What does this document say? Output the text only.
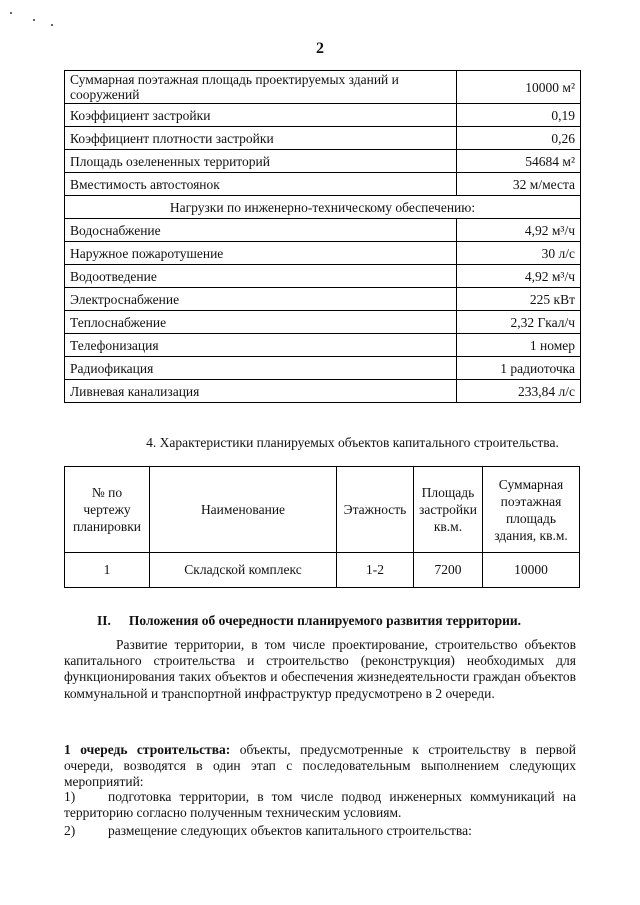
2
Суммарная поэтажная площадь проектируемых зданий и сооружений	10000 м²
Коэффициент застройки	0,19
Коэффициент плотности застройки	0,26
Площадь озелененных территорий	54684 м²
Вместимость автостоянок	32 м/места
Нагрузки по инженерно-техническому обеспечению:	
Водоснабжение	4,92 м³/ч
Наружное пожаротушение	30 л/с
Водоотведение	4,92 м³/ч
Электроснабжение	225 кВт
Теплоснабжение	2,32 Гкал/ч
Телефонизация	1 номер
Радиофикация	1 радиоточка
Ливневая канализация	233,84 л/с
4. Характеристики планируемых объектов капитального строительства.
№ по чертежу планировки	Наименование	Этажность	Площадь застройки кв.м.	Суммарная поэтажная площадь здания, кв.м.
1	Складской комплекс	1-2	7200	10000
II. Положения об очередности планируемого развития территории.
Развитие территории, в том числе проектирование, строительство объектов капитального строительства и строительство (реконструкция) необходимых для функционирования таких объектов и обеспечения жизнедеятельности граждан объектов коммунальной и транспортной инфраструктур предусмотрено в 2 очереди.
1 очередь строительства: объекты, предусмотренные к строительству в первой очереди, возводятся в один этап с последовательным выполнением следующих мероприятий:
1)	подготовка территории, в том числе подвод инженерных коммуникаций на территорию согласно полученным техническим условиям.
2)	размещение следующих объектов капитального строительства:
